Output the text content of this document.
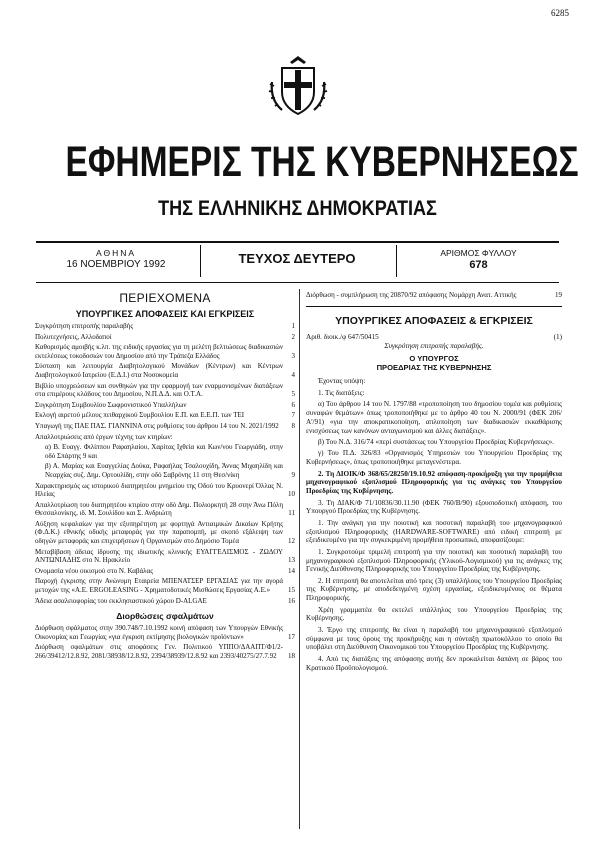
6285
ΕΦΗΜΕΡΙΣ ΤΗΣ ΚΥΒΕΡΝΗΣΕΩΣ
ΤΗΣ ΕΛΛΗΝΙΚΗΣ ΔΗΜΟΚΡΑΤΙΑΣ
ΑΘΗΝΑ
16 ΝΟΕΜΒΡΙΟΥ 1992	ΤΕΥΧΟΣ ΔΕΥΤΕΡΟ	ΑΡΙΘΜΟΣ ΦΥΛΛΟΥ
678

ΠΕΡΙΕΧΟΜΕΝΑ

ΥΠΟΥΡΓΙΚΕΣ ΑΠΟΦΑΣΕΙΣ ΚΑΙ ΕΓΚΡΙΣΕΙΣ

Συγκρότηση επιτροπής παραλαβής	1
Πολυτεχνήσεις, Αλλοδαποί	2
Καθορισμός αμοιβής κ.λπ. της ειδικής εργασίας για τη μελέτη βελτιώσεως διαδικασιών εκτελέσεως τοκοδοσιών του Δημοσίου από την Τράπεζα Ελλάδος	3
Σύσταση και λειτουργία Διαβητολογικού Μονάδων (Κέντρων) και Κέντρων Διαβητολογικού Ιατρείου (Ε.Δ.Ι.) στα Νοσοκομεία	4
Βιβλίο υποχρεώσεων και συνθηκών για την εφαρμογή των εναρμονισμένων διατάξεων στα επιμέρους κλάδους του Δημοσίου, Ν.Π.Δ.Δ. και Ο.Τ.Α.	5
Συγκρότηση Συμβουλίου Σωφρονιστικού Υπαλλήλων	6
Εκλογή αιρετού μέλους πειθαρχικού Συμβουλίου Ε.Π. και Ε.Ε.Π. των ΤΕΙ	7
Υπαγωγή της ΠΑΕ ΠΑΣ. ΓΙΑΝΝΙΝΑ στις ρυθμίσεις του άρθρου 14 του Ν. 2021/1992 8
Απαλλοτριώσεις από έργων τέχνης των κτηρίων:
α) Β. Ευαγγ. Φιλίππου Ραφαηλαίου, Χαρίτας Ιχθεία και Κων/νου Γεωργιάδη, στην οδό Σπάρτης 9 και
β) Α. Μαρίας και Ευαγγελίας Δούκα, Ραφαήλας Τσαλουχίδη, Άννας Μιχαηλίδη και Νεαρχίας συζ. Δημ. Ορτουλίδη, στην οδό Σαβρόνης 11 στη Θεσ/νίκη	9
Χαρακτηρισμός ως ιστορικού διατηρητέου μνημείου της Οδού του Κρυονερί Όλλας Ν. Ηλείας	10
Απαλλοτρίωση του διατηρητέου κτιρίου στην οδό Δημ. Πολιορκητή 28 στην Άνω Πόλη Θεσσαλονίκης, ιδ. Μ. Σουλίδου και Σ. Ανδριώτη	11
Αύξηση κεφαλαίων για την εξυπηρέτηση με φορτηγά Αντιαιμικών Δικαίων Κρήτης (Φ.Δ.Κ.) εθνικής οδικής μεταφοράς για την παραπομπή, με σκοπό εξάλειψη των οδηγών μεταφοράς και επιχειρήσεων ή Οργανισμών στο Δημόσιο Τομέα	12
Μεταβίβαση άδειας ίδρυσης της ιδιωτικής κλινικής ΕΥΑΓΓΕΛΙΣΜΟΣ - ΖΩΔΟΥ ΑΝΤΩΝΙΑΔΗΣ στο Ν. Ηρακλείο	13
Ονομασία νέου οικισμού στο Ν. Καβάλας	14
Παροχή έγκρισης στην Ανώνυμη Εταιρεία ΜΠΕΝΑΤΣΕΡ ΕΡΓΑΣΙΑΣ για την αγορά μετοχών της «Α.Ε. ERGOLEASING - Χρηματοδοτικές Μισθώσεις Εργασίας Α.Ε.»	15
Άδεια ασαλειοφορίας του εκκλησιαστικού χώρου D-ALGAE	16

Διορθώσεις σφαλμάτων

Διόρθωση σφάλματος στην 390.748/7.10.1992 κοινή απόφαση των Υπουργών Εθνικής Οικονομίας και Γεωργίας «για έγκριση εκτίμησης βιολογικών προϊόντων»	17
Διόρθωση σφαλμάτων στις αποφάσεις Γεν. Πολιτικού ΥΠΠΟ/ΔΑΑΠΤ/Φ1/2-266/39412/12.8.92, 2081/38938/12.8.92, 2394/38939/12.8.92 και 2393/40275/27.7.92 18
Διόρθωση - συμπλήρωση της 20870/92 απόφασης Νομάρχη Ανατ. Αττικής	19

ΥΠΟΥΡΓΙΚΕΣ ΑΠΟΦΑΣΕΙΣ & ΕΓΚΡΙΣΕΙΣ

Αριθ. διοικ./φ 647/50415	(1)
Συγκρότηση επιτροπής παραλαβής.
Ο ΥΠΟΥΡΓΟΣ
ΠΡΟΕΔΡΙΑΣ ΤΗΣ ΚΥΒΕΡΝΗΣΗΣ

Έχοντας υπόψη:

1. Τις διατάξεις:

α) Του άρθρου 14 του Ν. 1797/88 «τροποποίηση του δημοσίου τομέα και ρυθμίσεις συναφών θεμάτων» όπως τροποποιήθηκε με το άρθρο 40 του Ν. 2000/91 (ΦΕΚ 206/Α'/91) «για την αποκρατικοποίηση, απλοποίηση των διαδικασιών εκκαθάρισης ενισχύσεως των κανόνων ανταγωνισμού και άλλες διατάξεις».

β) Του Ν.Δ. 316/74 «περί συστάσεως του Υπουργείου Προεδρίας Κυβερνήσεως».

γ) Του Π.Δ. 326/83 «Οργανισμός Υπηρεσιών του Υπουργείου Προεδρίας της Κυβερνήσεως», όπως τροποποιήθηκε μεταγενέστερα.

2. Τη ΔΙΟΙΚ/Φ 368/65/28250/19.10.92 απόφαση-προκήρυξη για την προμήθεια μηχανογραφικού εξοπλισμού Πληροφορικής για τις ανάγκες του Υπουργείου Προεδρίας της Κυβέρνησης.

3. Τη ΔΙΑΚ/Φ 71/10836/30.11.90 (ΦΕΚ 760/Β/90) εξουσιοδοτική απόφαση, του Υπουργού Προεδρίας της Κυβέρνησης.

1. Την ανάγκη για την ποιοτική και ποσοτική παραλαβή του μηχανογραφικού εξοπλισμού Πληροφορικής (HARDWARE-SOFTWARE) από ειδική επιτροπή με εξειδικευμένο για την συγκεκριμένη προμήθεια προσωπικό, αποφασίζουμε:

1. Συγκροτούμε τριμελή επιτροπή για την ποιοτική και ποσοτική παραλαβή του μηχανογραφικού εξοπλισμού Πληροφορικής (Υλικού-Λογισμικού) για τις ανάγκες της Γενικής Διεύθυνσης Πληροφορικής του Υπουργείου Προεδρίας της Κυβέρνησης.

2. Η επιτροπή θα αποτελείται από τρεις (3) υπαλλήλους του Υπουργείου Προεδρίας της Κυβέρνησης, με αποδεδειγμένη σχέση εργασίας, εξειδικευμένους σε θέματα Πληροφορικής.

Χρέη γραμματέα θα εκτελεί υπάλληλος του Υπουργείου Προεδρίας της Κυβέρνησης.

3. Έργο της επιτροπής θα είναι η παραλαβή του μηχανογραφικού εξοπλισμού σύμφωνα με τους όρους της προκήρυξης και η σύνταξη πρωτοκόλλου το οποίο θα υποβάλει στη Διεύθυνση Οικονομικού του Υπουργείου Προεδρίας της Κυβέρνησης.

4. Από τις διατάξεις της απόφασης αυτής δεν προκαλείται δαπάνη σε βάρος του Κρατικού Προϋπολογισμού.
